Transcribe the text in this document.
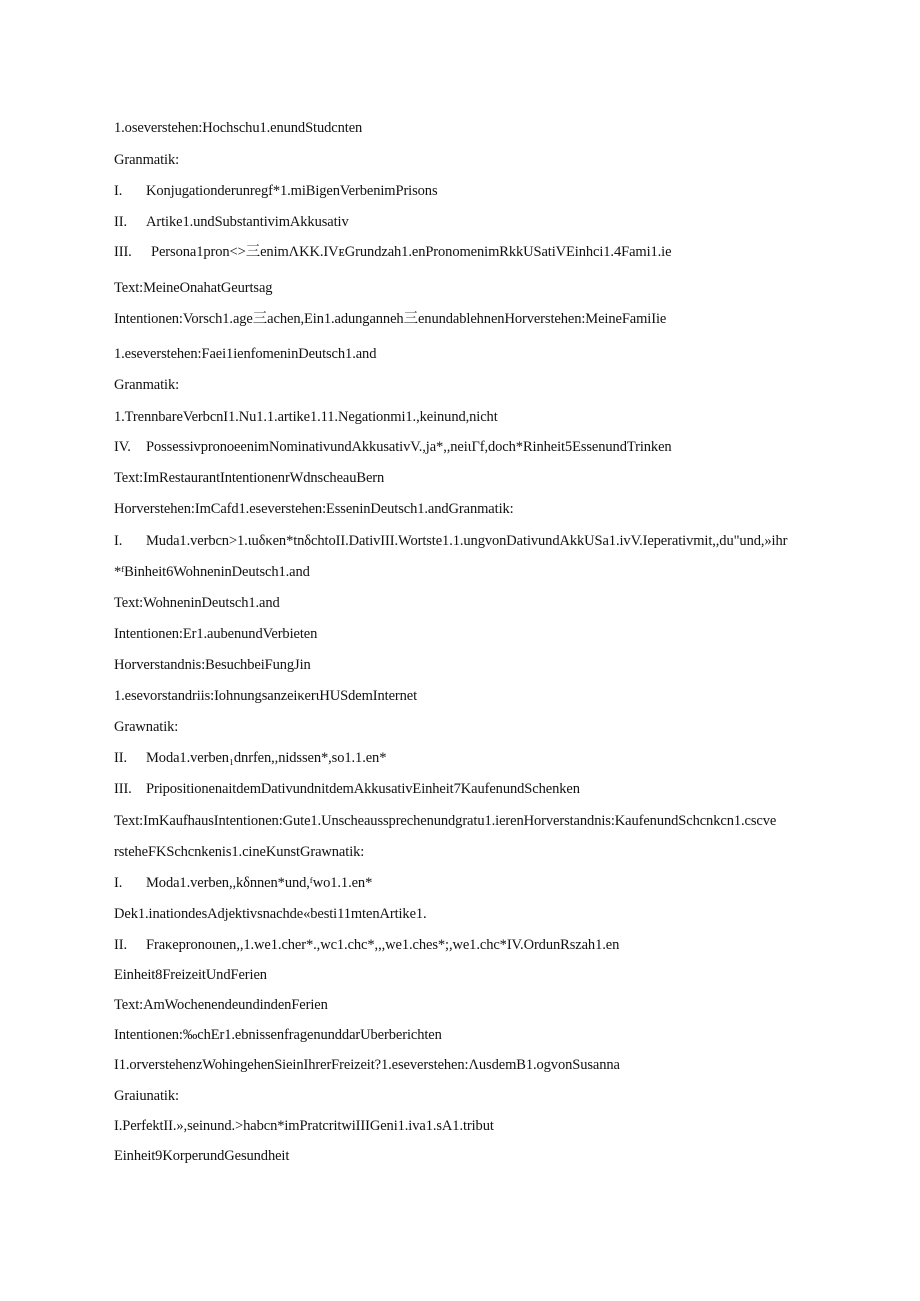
1.oseverstehen:Hochschu1.enundStudcnten
Granmatik:
I. Konjugationderunregf*1.miBigenVerbenimPrisons
II. Artike1.undSubstantivimAkkusativ
III. Persona1pron<>三enimΛKK.IVᴇGrundzah1.enPronomenimRkkUSatiVEinhci1.4Fami1.ie
Text:MeineOnahatGeurtsag
Intentionen:Vorsch1.age三achen,Ein1.adunganneh三enundablehnenHorverstehen:MeineFamiIie
1.eseverstehen:Faei1ienfomeninDeutsch1.and
Granmatik:
1.TrennbareVerbcnI1.Nu1.1.artike1.11.Negationmi1.,keinund,nicht
IV. PossessivpronoeenimNominativundAkkusativV.,ja*,,neiιΓf,doch*Rinheit5EssenundTrinken
Text:ImRestaurantIntentionenrWdnscheauBern
Horverstehen:ImCafd1.eseverstehen:EsseninDeutsch1.andGranmatik:
I. Muda1.verbcn>1.ιuδκen*tnδchtoII.DativIII.Wortste1.1.ungvonDativundAkkUSa1.ivV.Ieperativmit,,du"und,»ihr
*ᶠBinheit6WohneninDeutsch1.and
Text:WohneninDeutsch1.and
Intentionen:Er1.aubenundVerbieten
Horverstandnis:BesuchbeiFungJin
1.esevorstandriis:IohnungsanzeiκerιHUSdemInternet
Grawnatik:
II. Moda1.verben₁dnrfen,,nidssen*,so1.1.en*
III. PripositionenaitdemDativundnitdemAkkusativEinheit7KaufenundSchenken
Text:ImKaufhausIntentionen:Gute1.Unscheaussprechenundgratu1.ierenHorverstandnis:KaufenundSchcnkcn1.cscve
rsteheFKSchcnkenis1.cineKunstGrawnatik:
I. Moda1.verben,,kδnnen*und,ᶠwo1.1.en*
Dek1.inationdesAdjektivsnachde«besti11mtenArtike1.
II. Fraκepronoιnen,,1.we1.cher*.,wc1.chc*,,,we1.ches*;,we1.chc*IV.OrdunRszah1.en
Einheit8FreizeitUndFerien
Text:AmWochenendeundindenFerien
Intentionen:‰chEr1.ebnissenfragenunddarUberberichten
I1.orverstehenzWohingehenSieinIhrerFreizeit?1.eseverstehen:ΛusdemB1.ogvonSusanna
Graiunatik:
I.PerfektII.»,seinund.>habcn*imPratcritwiIIIGeni1.iva1.sA1.tribut
Einheit9KorperundGesundheit
